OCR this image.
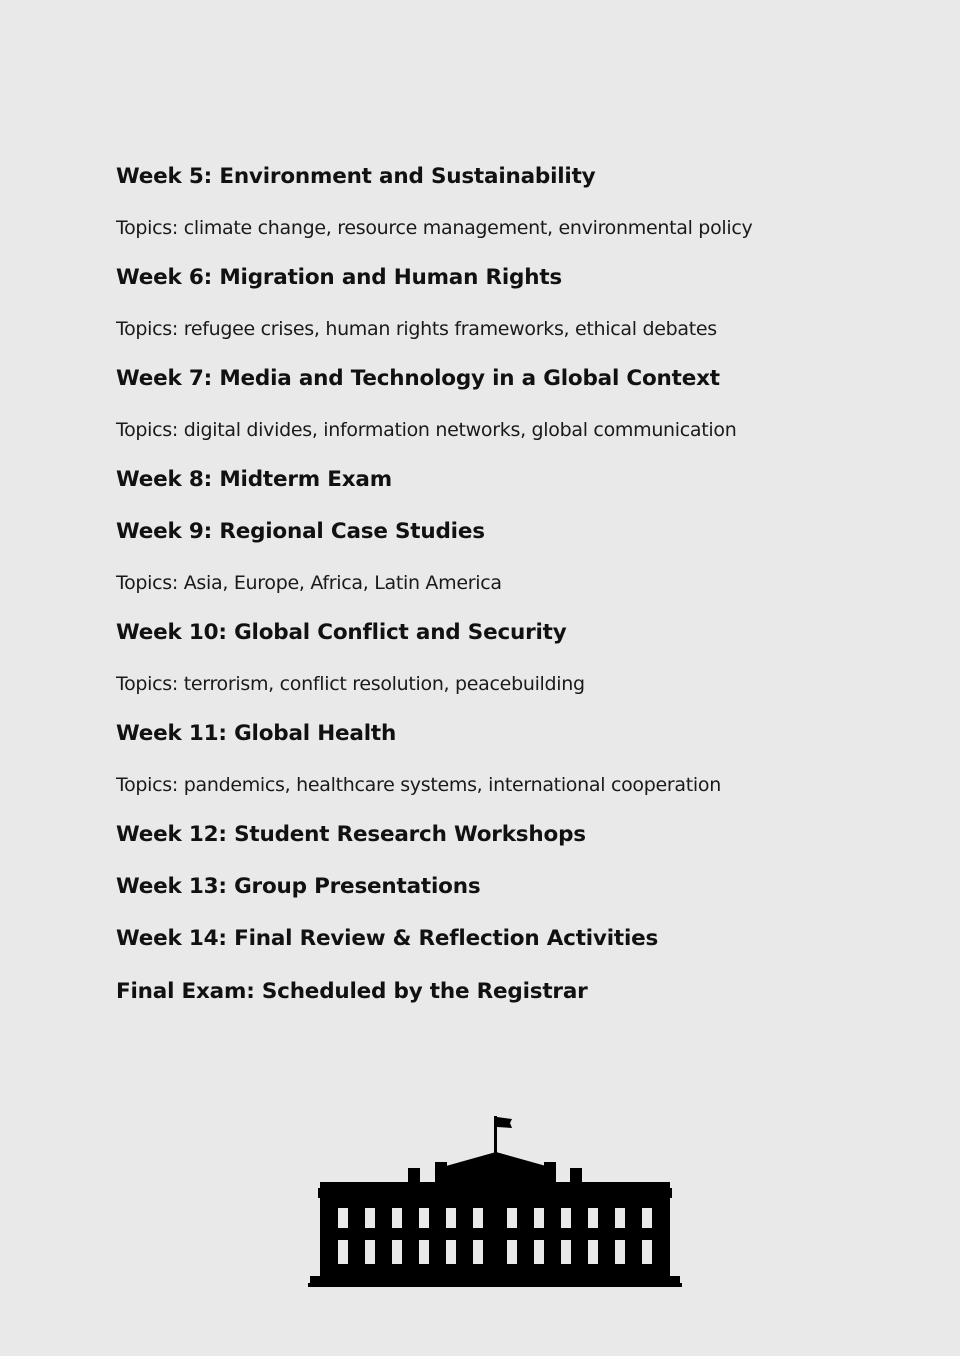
Week 5: Environment and Sustainability
Topics: climate change, resource management, environmental policy
Week 6: Migration and Human Rights
Topics: refugee crises, human rights frameworks, ethical debates
Week 7: Media and Technology in a Global Context
Topics: digital divides, information networks, global communication
Week 8: Midterm Exam
Week 9: Regional Case Studies
Topics: Asia, Europe, Africa, Latin America
Week 10: Global Conflict and Security
Topics: terrorism, conflict resolution, peacebuilding
Week 11: Global Health
Topics: pandemics, healthcare systems, international cooperation
Week 12: Student Research Workshops
Week 13: Group Presentations
Week 14: Final Review & Reflection Activities
Final Exam: Scheduled by the Registrar
